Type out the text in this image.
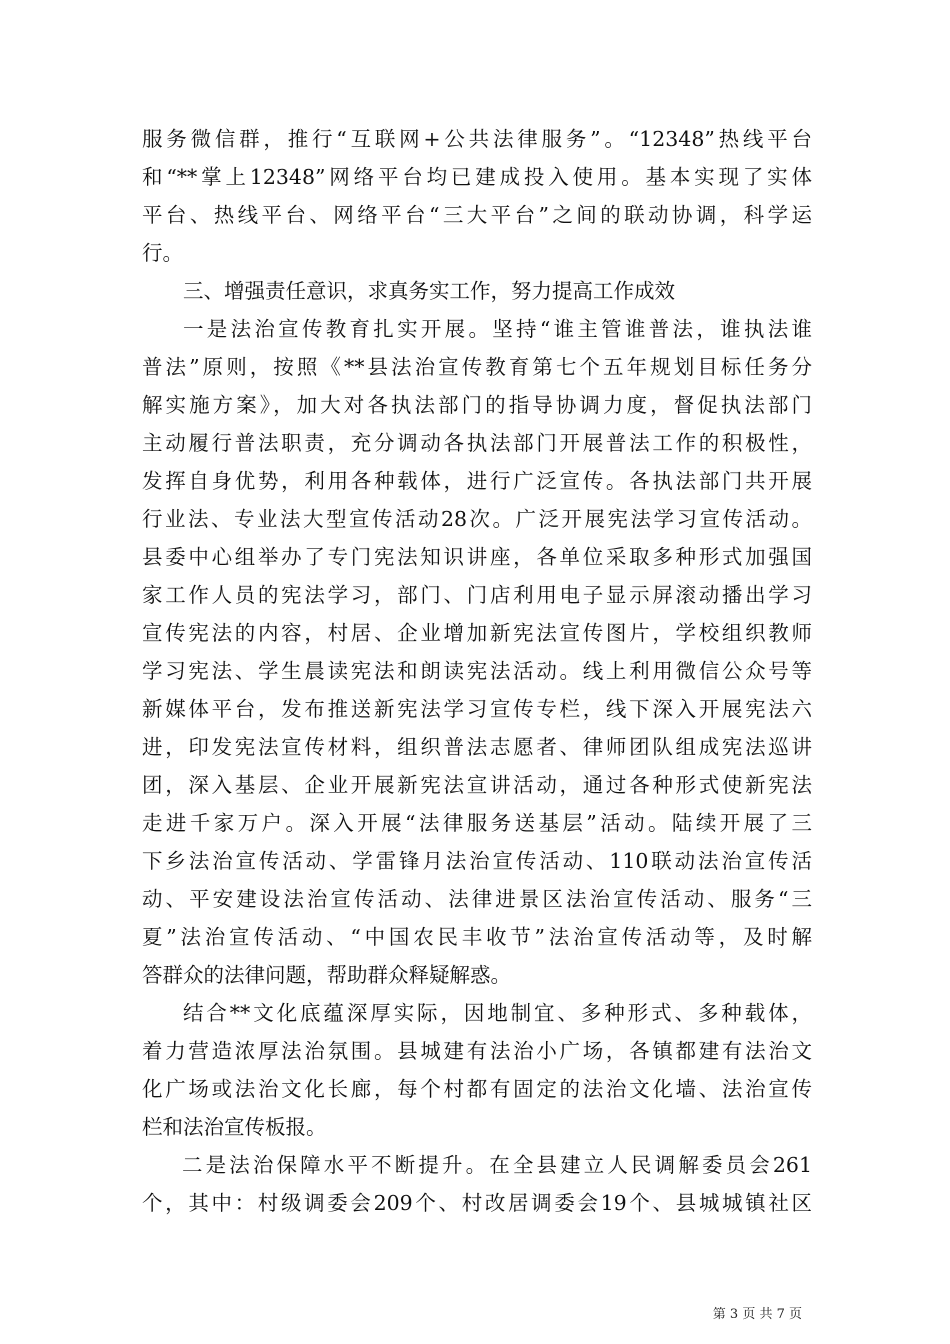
服务微信群，推行“互联网+公共法律服务”。“12348”热线平台
和“**掌上12348”网络平台均已建成投入使用。基本实现了实体
平台、热线平台、网络平台“三大平台”之间的联动协调，科学运
行。
三、增强责任意识，求真务实工作，努力提高工作成效
一是法治宣传教育扎实开展。坚持“谁主管谁普法，谁执法谁
普法”原则，按照《**县法治宣传教育第七个五年规划目标任务分
解实施方案》，加大对各执法部门的指导协调力度，督促执法部门
主动履行普法职责，充分调动各执法部门开展普法工作的积极性，
发挥自身优势，利用各种载体，进行广泛宣传。各执法部门共开展
行业法、专业法大型宣传活动28次。广泛开展宪法学习宣传活动。
县委中心组举办了专门宪法知识讲座，各单位采取多种形式加强国
家工作人员的宪法学习，部门、门店利用电子显示屏滚动播出学习
宣传宪法的内容，村居、企业增加新宪法宣传图片，学校组织教师
学习宪法、学生晨读宪法和朗读宪法活动。线上利用微信公众号等
新媒体平台，发布推送新宪法学习宣传专栏，线下深入开展宪法六
进，印发宪法宣传材料，组织普法志愿者、律师团队组成宪法巡讲
团，深入基层、企业开展新宪法宣讲活动，通过各种形式使新宪法
走进千家万户。深入开展“法律服务送基层”活动。陆续开展了三
下乡法治宣传活动、学雷锋月法治宣传活动、110联动法治宣传活
动、平安建设法治宣传活动、法律进景区法治宣传活动、服务“三
夏”法治宣传活动、“中国农民丰收节”法治宣传活动等，及时解
答群众的法律问题，帮助群众释疑解惑。
结合**文化底蕴深厚实际，因地制宜、多种形式、多种载体，
着力营造浓厚法治氛围。县城建有法治小广场，各镇都建有法治文
化广场或法治文化长廊，每个村都有固定的法治文化墙、法治宣传
栏和法治宣传板报。
二是法治保障水平不断提升。在全县建立人民调解委员会261
个，其中：村级调委会209个、村改居调委会19个、县城城镇社区
第 3 页 共 7 页
